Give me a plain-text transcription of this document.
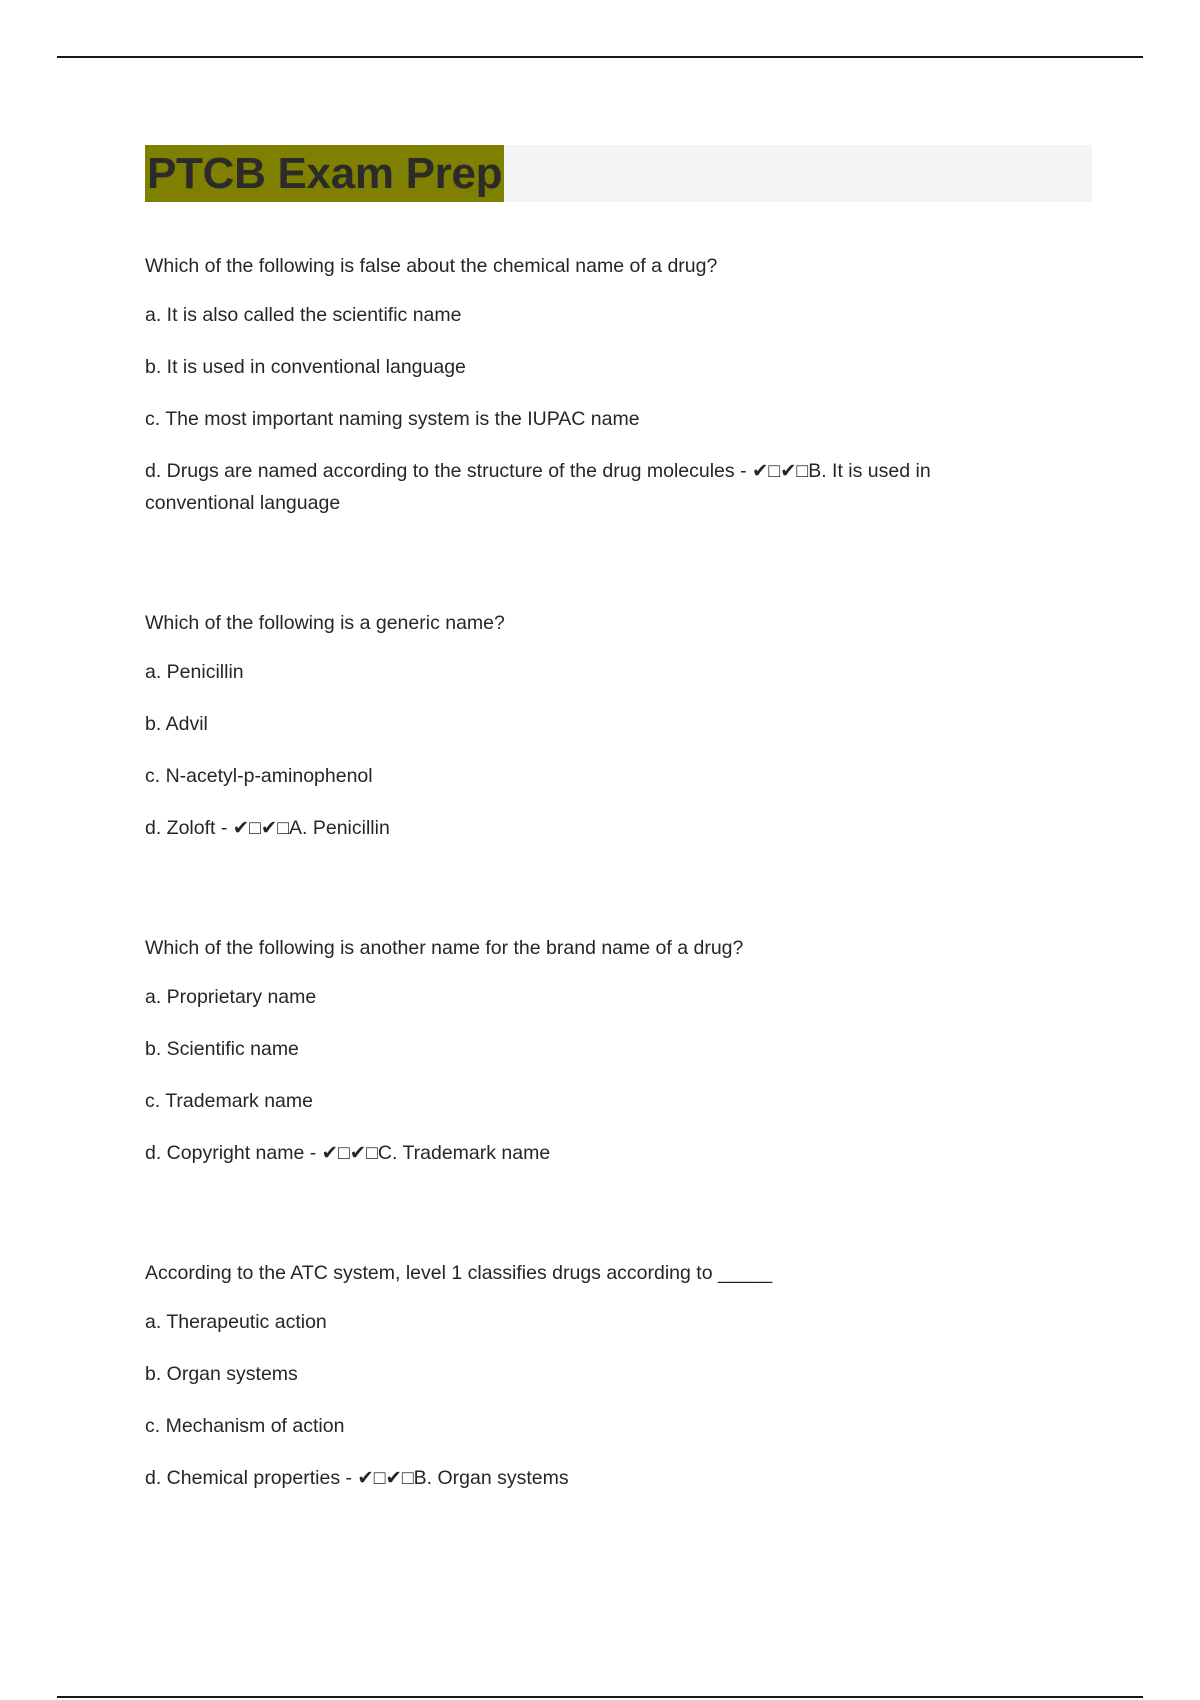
PTCB Exam Prep
Which of the following is false about the chemical name of a drug?
a. It is also called the scientific name
b. It is used in conventional language
c. The most important naming system is the IUPAC name
d. Drugs are named according to the structure of the drug molecules - ✔□✔□B. It is used in conventional language
Which of the following is a generic name?
a. Penicillin
b. Advil
c. N-acetyl-p-aminophenol
d. Zoloft - ✔□✔□A. Penicillin
Which of the following is another name for the brand name of a drug?
a. Proprietary name
b. Scientific name
c. Trademark name
d. Copyright name - ✔□✔□C. Trademark name
According to the ATC system, level 1 classifies drugs according to _____
a. Therapeutic action
b. Organ systems
c. Mechanism of action
d. Chemical properties - ✔□✔□B. Organ systems
